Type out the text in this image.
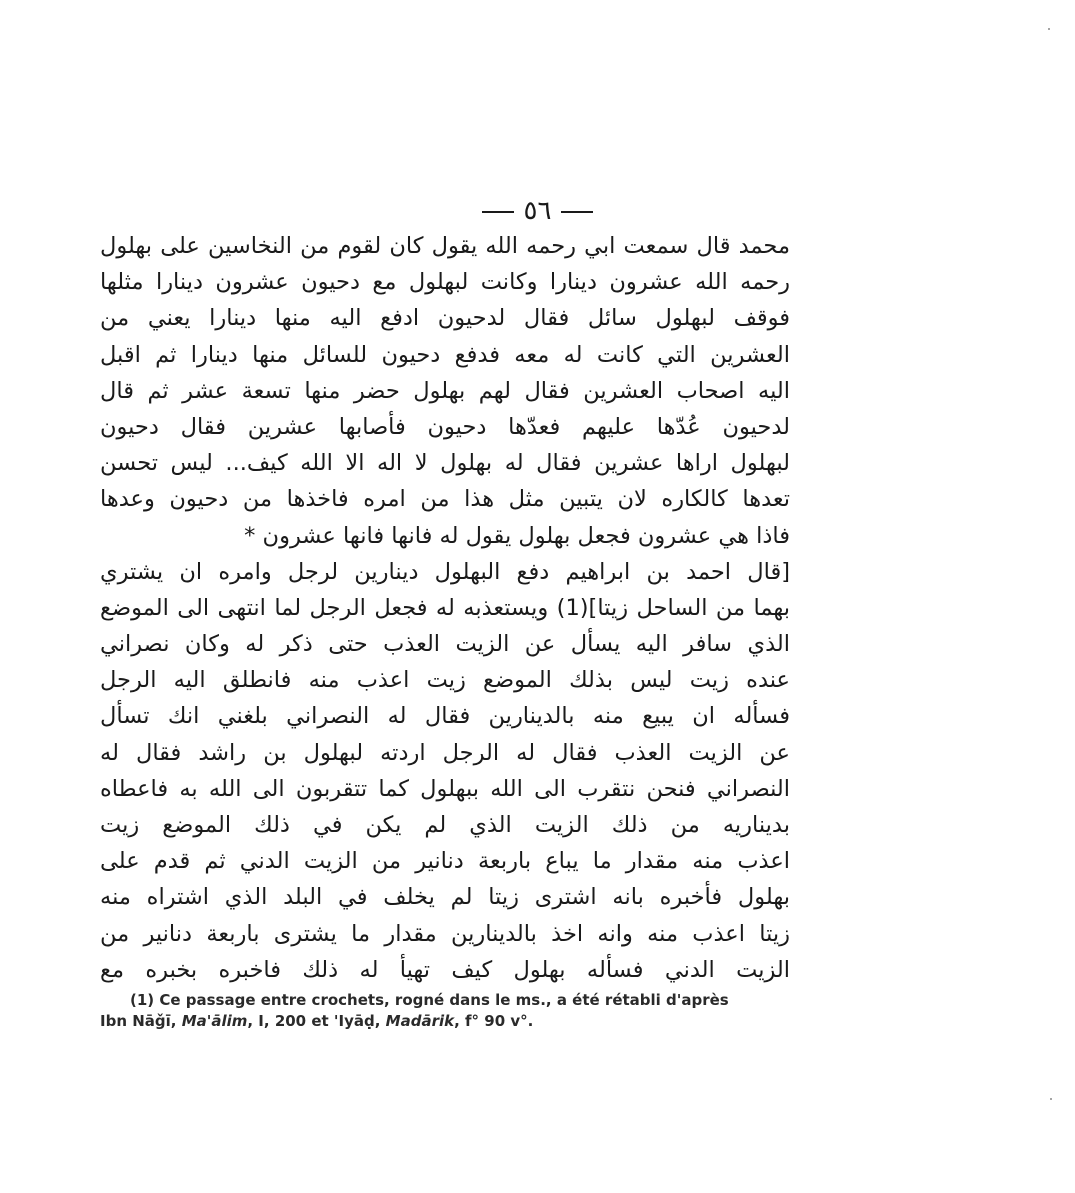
٥٦
محمد قال سمعت ابي رحمه الله يقول كان لقوم من النخاسين على بهلول
رحمه الله عشرون دينارا وكانت لبهلول مع دحيون عشرون دينارا مثلها
فوقف لبهلول سائل فقال لدحيون ادفع اليه منها دينارا يعني من
العشرين التي كانت له معه فدفع دحيون للسائل منها دينارا ثم اقبل
اليه اصحاب العشرين فقال لهم بهلول حضر منها تسعة عشر ثم قال
لدحيون عُدّها عليهم فعدّها دحيون فأصابها عشرين فقال دحيون
لبهلول اراها عشرين فقال له بهلول لا اله الا الله كيف... ليس تحسن
تعدها كالكاره لان يتبين مثل هذا من امره فاخذها من دحيون وعدها
فاذا هي عشرون فجعل بهلول يقول له فانها فانها عشرون *
[قال احمد بن ابراهيم دفع البهلول دينارين لرجل وامره ان يشتري
بهما من الساحل زيتا](1) ويستعذبه له فجعل الرجل لما انتهى الى الموضع
الذي سافر اليه يسأل عن الزيت العذب حتى ذكر له وكان نصراني
عنده زيت ليس بذلك الموضع زيت اعذب منه فانطلق اليه الرجل
فسأله ان يبيع منه بالدينارين فقال له النصراني بلغني انك تسأل
عن الزيت العذب فقال له الرجل اردته لبهلول بن راشد فقال له
النصراني فنحن نتقرب الى الله ببهلول كما تتقربون الى الله به فاعطاه
بديناريه من ذلك الزيت الذي لم يكن في ذلك الموضع زيت
اعذب منه مقدار ما يباع باربعة دنانير من الزيت الدني ثم قدم على
بهلول فأخبره بانه اشترى زيتا لم يخلف في البلد الذي اشتراه منه
زيتا اعذب منه وانه اخذ بالدينارين مقدار ما يشترى باربعة دنانير من
الزيت الدني فسأله بهلول كيف تهيأ له ذلك فاخبره بخبره مع
(1) Ce passage entre crochets, rogné dans le ms., a été rétabli d'après
Ibn Nāǧī, Ma'ālim, I, 200 et 'Iyāḍ, Madārik, f° 90 v°.
